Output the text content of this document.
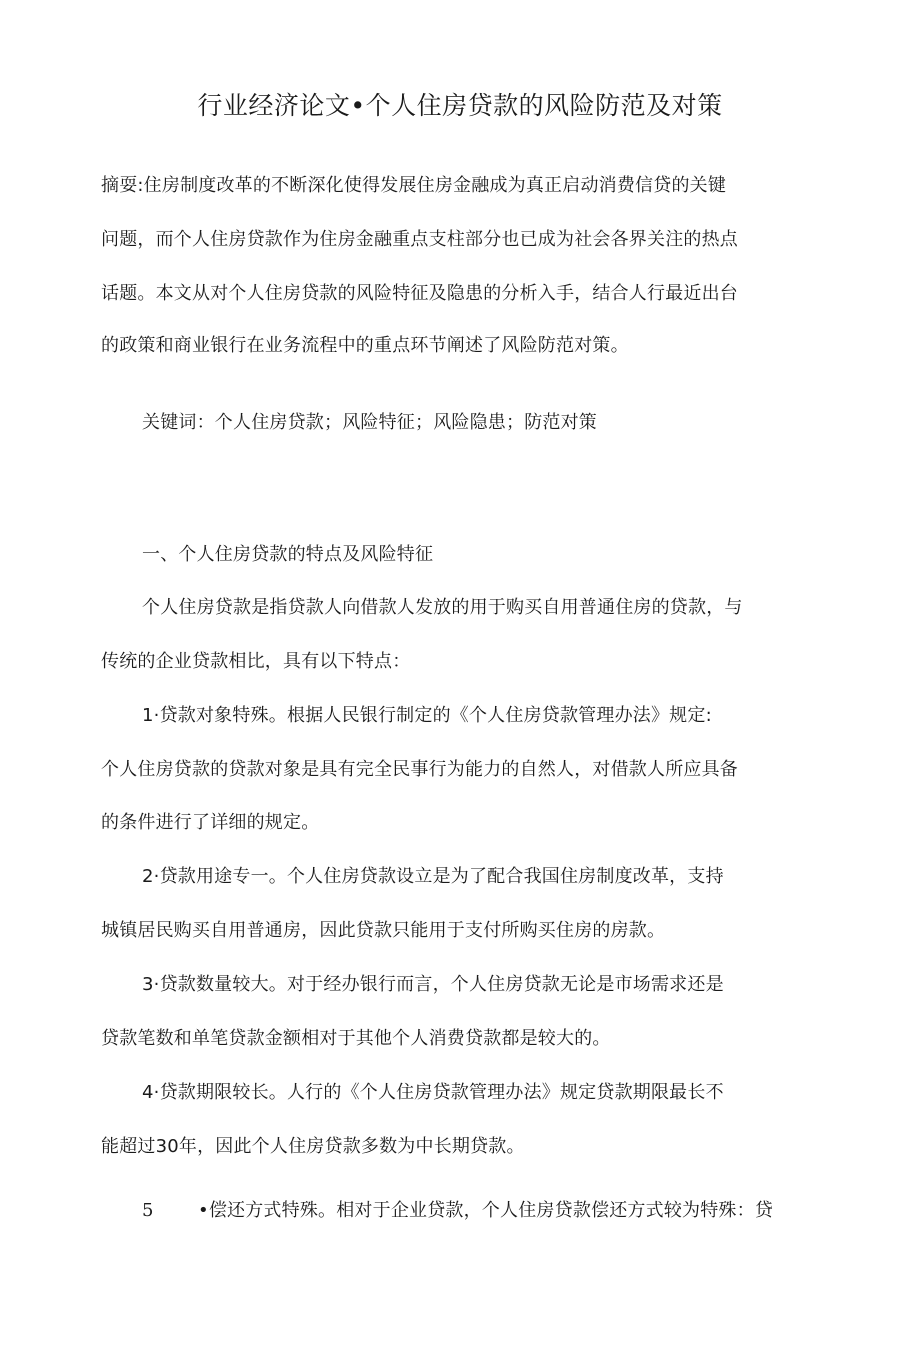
行业经济论文•个人住房贷款的风险防范及对策
摘耍:住房制度改革的不断深化使得发展住房金融成为真正启动消费信贷的关键
问题，而个人住房贷款作为住房金融重点支柱部分也已成为社会各界关注的热点
话题。本文从对个人住房贷款的风险特征及隐患的分析入手，结合人行最近出台
的政策和商业银行在业务流程中的重点环节阐述了风险防范对策。
关键词：个人住房贷款；风险特征；风险隐患；防范对策
一、个人住房贷款的特点及风险特征
个人住房贷款是指贷款人向借款人发放的用于购买自用普通住房的贷款，与
传统的企业贷款相比，具有以下特点：
1·贷款对象特殊。根据人民银行制定的《个人住房贷款管理办法》规定:
个人住房贷款的贷款对象是具有完全民事行为能力的自然人，对借款人所应具备
的条件进行了详细的规定。
2·贷款用途专一。个人住房贷款设立是为了配合我国住房制度改革，支持
城镇居民购买自用普通房，因此贷款只能用于支付所购买住房的房款。
3·贷款数量较大。对于经办银行而言，个人住房贷款无论是市场需求还是
贷款笔数和单笔贷款金额相对于其他个人消费贷款都是较大的。
4·贷款期限较长。人行的《个人住房贷款管理办法》规定贷款期限最长不
能超过30年，因此个人住房贷款多数为中长期贷款。
5 •偿还方式特殊。相对于企业贷款，个人住房贷款偿还方式较为特殊：贷
